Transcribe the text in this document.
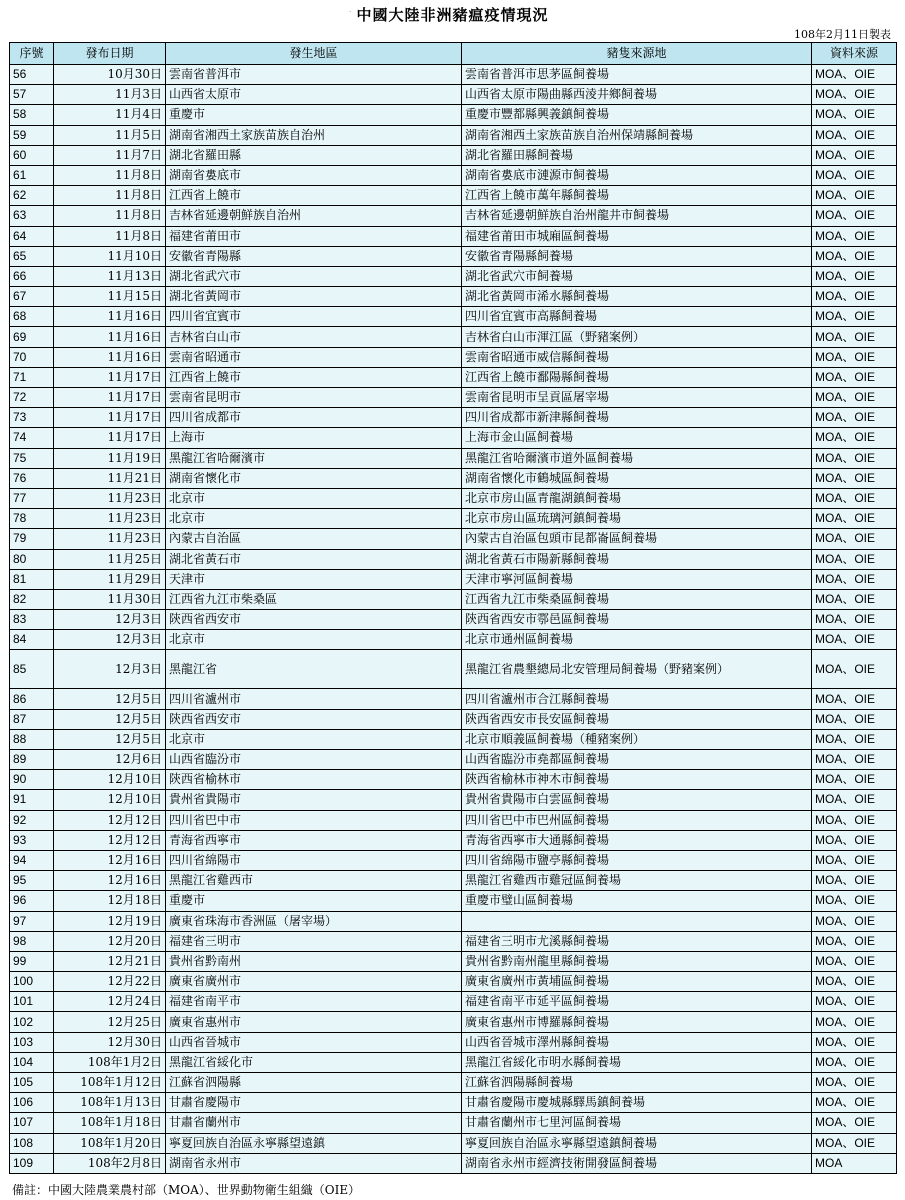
· 中國大陸非洲豬瘟疫情現況
108年2月11日製表
序號	發布日期	發生地區	豬隻來源地	資料來源
56	10月30日	雲南省普洱市	雲南省普洱市思茅區飼養場	MOA、OIE
57	11月3日	山西省太原市	山西省太原市陽曲縣西淩井鄉飼養場	MOA、OIE
58	11月4日	重慶市	重慶市豐都縣興義鎮飼養場	MOA、OIE
59	11月5日	湖南省湘西土家族苗族自治州	湖南省湘西土家族苗族自治州保靖縣飼養場	MOA、OIE
60	11月7日	湖北省羅田縣	湖北省羅田縣飼養場	MOA、OIE
61	11月8日	湖南省婁底市	湖南省婁底市漣源市飼養場	MOA、OIE
62	11月8日	江西省上饒市	江西省上饒市萬年縣飼養場	MOA、OIE
63	11月8日	吉林省延邊朝鮮族自治州	吉林省延邊朝鮮族自治州龍井市飼養場	MOA、OIE
64	11月8日	福建省莆田市	福建省莆田市城廂區飼養場	MOA、OIE
65	11月10日	安徽省青陽縣	安徽省青陽縣飼養場	MOA、OIE
66	11月13日	湖北省武穴市	湖北省武穴市飼養場	MOA、OIE
67	11月15日	湖北省黃岡市	湖北省黃岡市浠水縣飼養場	MOA、OIE
68	11月16日	四川省宜賓市	四川省宜賓市高縣飼養場	MOA、OIE
69	11月16日	吉林省白山市	吉林省白山市渾江區（野豬案例）	MOA、OIE
70	11月16日	雲南省昭通市	雲南省昭通市威信縣飼養場	MOA、OIE
71	11月17日	江西省上饒市	江西省上饒市鄱陽縣飼養場	MOA、OIE
72	11月17日	雲南省昆明市	雲南省昆明市呈貢區屠宰場	MOA、OIE
73	11月17日	四川省成都市	四川省成都市新津縣飼養場	MOA、OIE
74	11月17日	上海市	上海市金山區飼養場	MOA、OIE
75	11月19日	黑龍江省哈爾濱市	黑龍江省哈爾濱市道外區飼養場	MOA、OIE
76	11月21日	湖南省懷化市	湖南省懷化市鶴城區飼養場	MOA、OIE
77	11月23日	北京市	北京市房山區青龍湖鎮飼養場	MOA、OIE
78	11月23日	北京市	北京市房山區琉璃河鎮飼養場	MOA、OIE
79	11月23日	內蒙古自治區	內蒙古自治區包頭市昆都崙區飼養場	MOA、OIE
80	11月25日	湖北省黃石市	湖北省黃石市陽新縣飼養場	MOA、OIE
81	11月29日	天津市	天津市寧河區飼養場	MOA、OIE
82	11月30日	江西省九江市柴桑區	江西省九江市柴桑區飼養場	MOA、OIE
83	12月3日	陝西省西安市	陝西省西安市鄠邑區飼養場	MOA、OIE
84	12月3日	北京市	北京市通州區飼養場	MOA、OIE
85	12月3日	黑龍江省	黑龍江省農墾總局北安管理局飼養場（野豬案例）	MOA、OIE
86	12月5日	四川省瀘州市	四川省瀘州市合江縣飼養場	MOA、OIE
87	12月5日	陝西省西安市	陝西省西安市長安區飼養場	MOA、OIE
88	12月5日	北京市	北京市順義區飼養場（種豬案例）	MOA、OIE
89	12月6日	山西省臨汾市	山西省臨汾市堯都區飼養場	MOA、OIE
90	12月10日	陝西省榆林市	陝西省榆林市神木市飼養場	MOA、OIE
91	12月10日	貴州省貴陽市	貴州省貴陽市白雲區飼養場	MOA、OIE
92	12月12日	四川省巴中市	四川省巴中市巴州區飼養場	MOA、OIE
93	12月12日	青海省西寧市	青海省西寧市大通縣飼養場	MOA、OIE
94	12月16日	四川省綿陽市	四川省綿陽市鹽亭縣飼養場	MOA、OIE
95	12月16日	黑龍江省雞西市	黑龍江省雞西市雞冠區飼養場	MOA、OIE
96	12月18日	重慶市	重慶市璧山區飼養場	MOA、OIE
97	12月19日	廣東省珠海市香洲區（屠宰場）		MOA、OIE
98	12月20日	福建省三明市	福建省三明市尤溪縣飼養場	MOA、OIE
99	12月21日	貴州省黔南州	貴州省黔南州龍里縣飼養場	MOA、OIE
100	12月22日	廣東省廣州市	廣東省廣州市黃埔區飼養場	MOA、OIE
101	12月24日	福建省南平市	福建省南平市延平區飼養場	MOA、OIE
102	12月25日	廣東省惠州市	廣東省惠州市博羅縣飼養場	MOA、OIE
103	12月30日	山西省晉城市	山西省晉城市澤州縣飼養場	MOA、OIE
104	108年1月2日	黑龍江省綏化市	黑龍江省綏化市明水縣飼養場	MOA、OIE
105	108年1月12日	江蘇省泗陽縣	江蘇省泗陽縣飼養場	MOA、OIE
106	108年1月13日	甘肅省慶陽市	甘肅省慶陽市慶城縣驛馬鎮飼養場	MOA、OIE
107	108年1月18日	甘肅省蘭州市	甘肅省蘭州市七里河區飼養場	MOA、OIE
108	108年1月20日	寧夏回族自治區永寧縣望遠鎮	寧夏回族自治區永寧縣望遠鎮飼養場	MOA、OIE
109	108年2月8日	湖南省永州市	湖南省永州市經濟技術開發區飼養場	MOA
備註：中國大陸農業農村部（MOA）、世界動物衛生組織（OIE）
